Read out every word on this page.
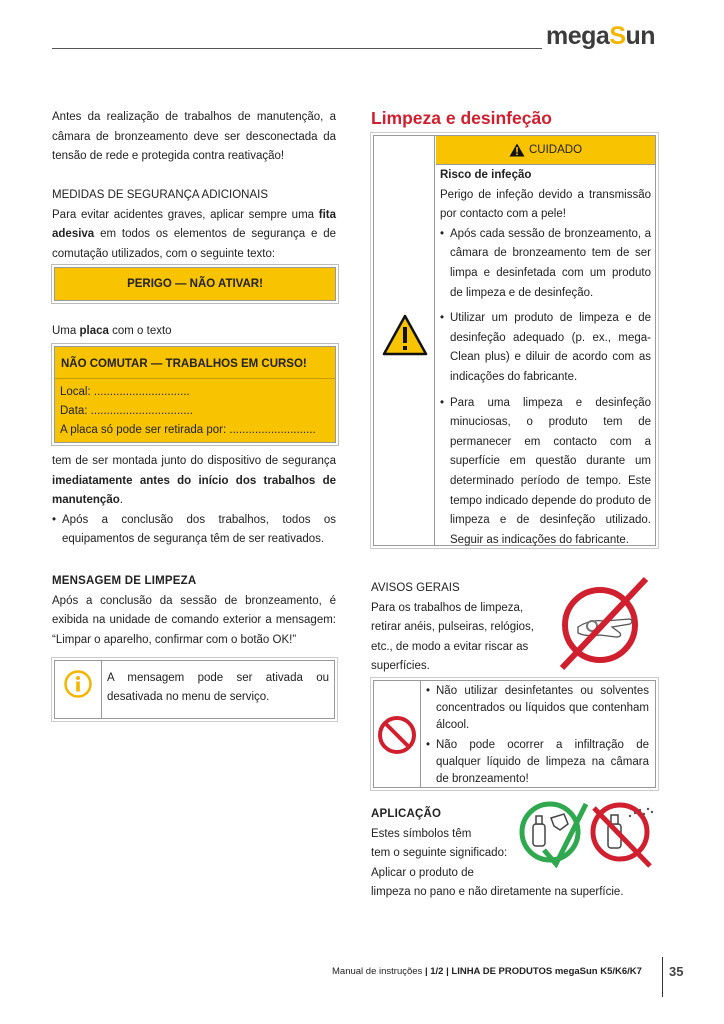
megaSun

Antes da realização de trabalhos de manutenção, a câmara de bronzeamento deve ser desconectada da tensão de rede e protegida contra reativação!

MEDIDAS DE SEGURANÇA ADICIONAIS

Para evitar acidentes graves, aplicar sempre uma fita adesiva em todos os elementos de segurança e de comutação utilizados, com o seguinte texto:

PERIGO — NÃO ATIVAR!

Uma placa com o texto

NÃO COMUTAR — TRABALHOS EM CURSO!
Local: ..............................
Data: ................................
A placa só pode ser retirada por: ...........................

tem de ser montada junto do dispositivo de segurança imediatamente antes do início dos trabalhos de manutenção.

• Após a conclusão dos trabalhos, todos os equipamentos de segurança têm de ser reativados.

MENSAGEM DE LIMPEZA

Após a conclusão da sessão de bronzeamento, é exibida na unidade de comando exterior a mensagem: “Limpar o aparelho, confirmar com o botão OK!”

A mensagem pode ser ativada ou desativada no menu de serviço.
Limpeza e desinfeção
CUIDADO

Risco de infeção

Perigo de infeção devido a transmissão por contacto com a pele!

• Após cada sessão de bronzeamento, a câmara de bronzeamento tem de ser limpa e desinfetada com um produto de limpeza e de desinfeção.
• Utilizar um produto de limpeza e de desinfeção adequado (p. ex., mega-Clean plus) e diluir de acordo com as indicações do fabricante.
• Para uma limpeza e desinfeção minuciosas, o produto tem de permanecer em contacto com a superfície em questão durante um determinado período de tempo. Este tempo indicado depende do produto de limpeza e de desinfeção utilizado. Seguir as indicações do fabricante.

AVISOS GERAIS

Para os trabalhos de limpeza, retirar anéis, pulseiras, relógios, etc., de modo a evitar riscar as superfícies.

• Não utilizar desinfetantes ou solventes concentrados ou líquidos que contenham álcool.
• Não pode ocorrer a infiltração de qualquer líquido de limpeza na câmara de bronzeamento!

APLICAÇÃO

Estes símbolos têm

tem o seguinte significado:

Aplicar o produto de

limpeza no pano e não diretamente na superfície.

Manual de instruções | 1/2 | LINHA DE PRODUTOS megaSun K5/K6/K7 35
